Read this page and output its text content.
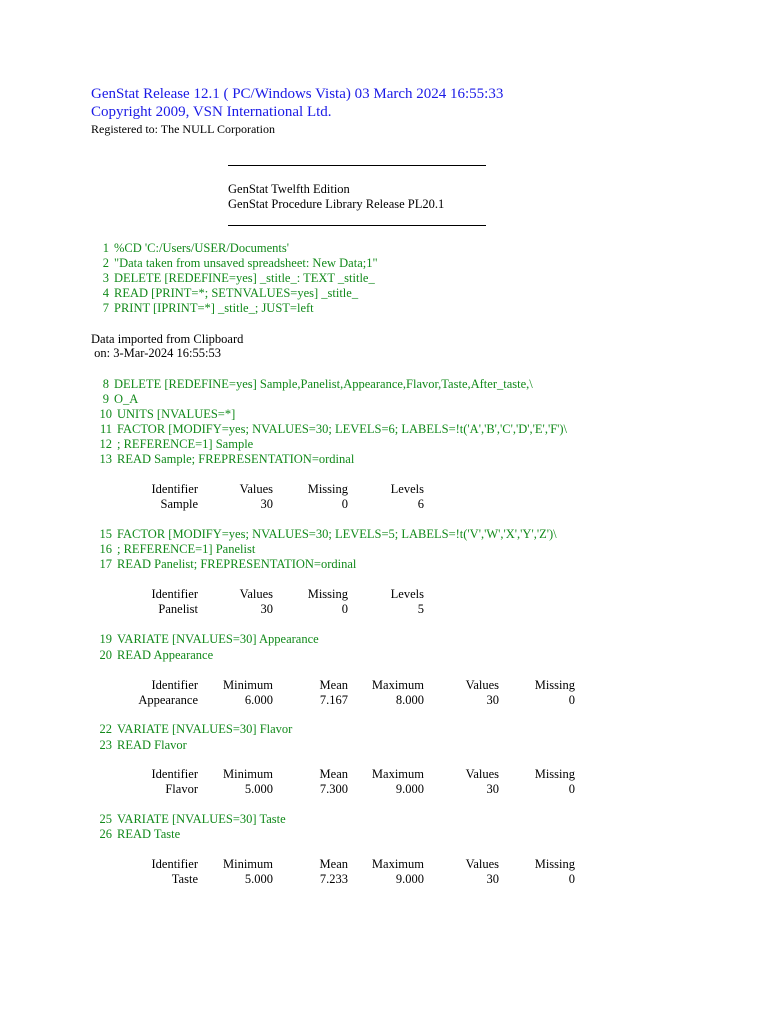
GenStat Release 12.1 ( PC/Windows Vista) 03 March 2024 16:55:33
Copyright 2009, VSN International Ltd.
Registered to: The NULL Corporation
GenStat Twelfth Edition
GenStat Procedure Library Release PL20.1
1 %CD 'C:/Users/USER/Documents'
2 "Data taken from unsaved spreadsheet: New Data;1"
3 DELETE [REDEFINE=yes] _stitle_: TEXT _stitle_
4 READ [PRINT=*; SETNVALUES=yes] _stitle_
7 PRINT [IPRINT=*] _stitle_; JUST=left
Data imported from Clipboard
on: 3-Mar-2024 16:55:53
8 DELETE [REDEFINE=yes] Sample,Panelist,Appearance,Flavor,Taste,After_taste,\
9 O_A
10 UNITS [NVALUES=*]
11 FACTOR [MODIFY=yes; NVALUES=30; LEVELS=6; LABELS=!t('A','B','C','D','E','F')\
12 ; REFERENCE=1] Sample
13 READ Sample; FREPRESENTATION=ordinal
Identifier	Values	Missing	Levels
Sample	30	0	6
15 FACTOR [MODIFY=yes; NVALUES=30; LEVELS=5; LABELS=!t('V','W','X','Y','Z')\
16 ; REFERENCE=1] Panelist
17 READ Panelist; FREPRESENTATION=ordinal
Identifier	Values	Missing	Levels
Panelist	30	0	5
19 VARIATE [NVALUES=30] Appearance
20 READ Appearance
Identifier	Minimum	Mean	Maximum	Values	Missing
Appearance	6.000	7.167	8.000	30	0
22 VARIATE [NVALUES=30] Flavor
23 READ Flavor
Identifier	Minimum	Mean	Maximum	Values	Missing
Flavor	5.000	7.300	9.000	30	0
25 VARIATE [NVALUES=30] Taste
26 READ Taste
Identifier	Minimum	Mean	Maximum	Values	Missing
Taste	5.000	7.233	9.000	30	0
